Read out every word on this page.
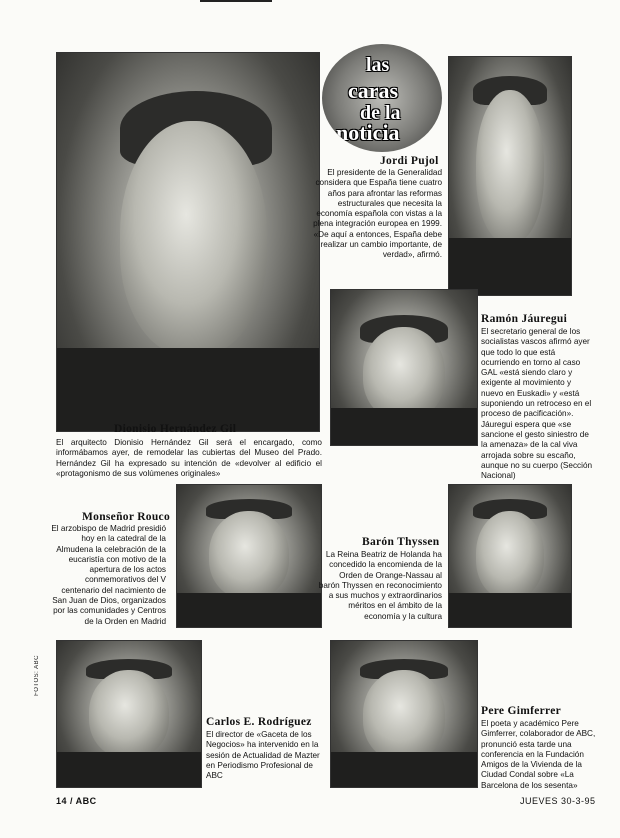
las
caras
de la
noticia
Dionisio Hernández Gil
El arquitecto Dionisio Hernández Gil será el encargado, como informábamos ayer, de remodelar las cubiertas del Museo del Prado. Hernández Gil ha expresado su intención de «devolver al edificio el «protagonismo de sus volúmenes originales»
Jordi Pujol
El presidente de la Generalidad considera que España tiene cuatro años para afrontar las reformas estructurales que necesita la economía española con vistas a la plena integración europea en 1999. «De aquí a entonces, España debe realizar un cambio importante, de verdad», afirmó.
Ramón Jáuregui
El secretario general de los socialistas vascos afirmó ayer que todo lo que está ocurriendo en torno al caso GAL «está siendo claro y exigente al movimiento y nuevo en Euskadi» y «está suponiendo un retroceso en el proceso de pacificación». Jáuregui espera que «se sancione el gesto siniestro de la amenaza» de la cal viva arrojada sobre su escaño, aunque no su cuerpo (Sección Nacional)
Monseñor Rouco
El arzobispo de Madrid presidió hoy en la catedral de la Almudena la celebración de la eucaristía con motivo de la apertura de los actos conmemorativos del V centenario del nacimiento de San Juan de Dios, organizados por las comunidades y Centros de la Orden en Madrid
Barón Thyssen
La Reina Beatriz de Holanda ha concedido la encomienda de la Orden de Orange-Nassau al barón Thyssen en reconocimiento a sus muchos y extraordinarios méritos en el ámbito de la economía y la cultura
Carlos E. Rodríguez
El director de «Gaceta de los Negocios» ha intervenido en la sesión de Actualidad de Mazter en Periodismo Profesional de ABC
Pere Gimferrer
El poeta y académico Pere Gimferrer, colaborador de ABC, pronunció esta tarde una conferencia en la Fundación Amigos de la Vivienda de la Ciudad Condal sobre «La Barcelona de los sesenta»
FOTOS: ABC
14 / ABC	JUEVES 30-3-95
